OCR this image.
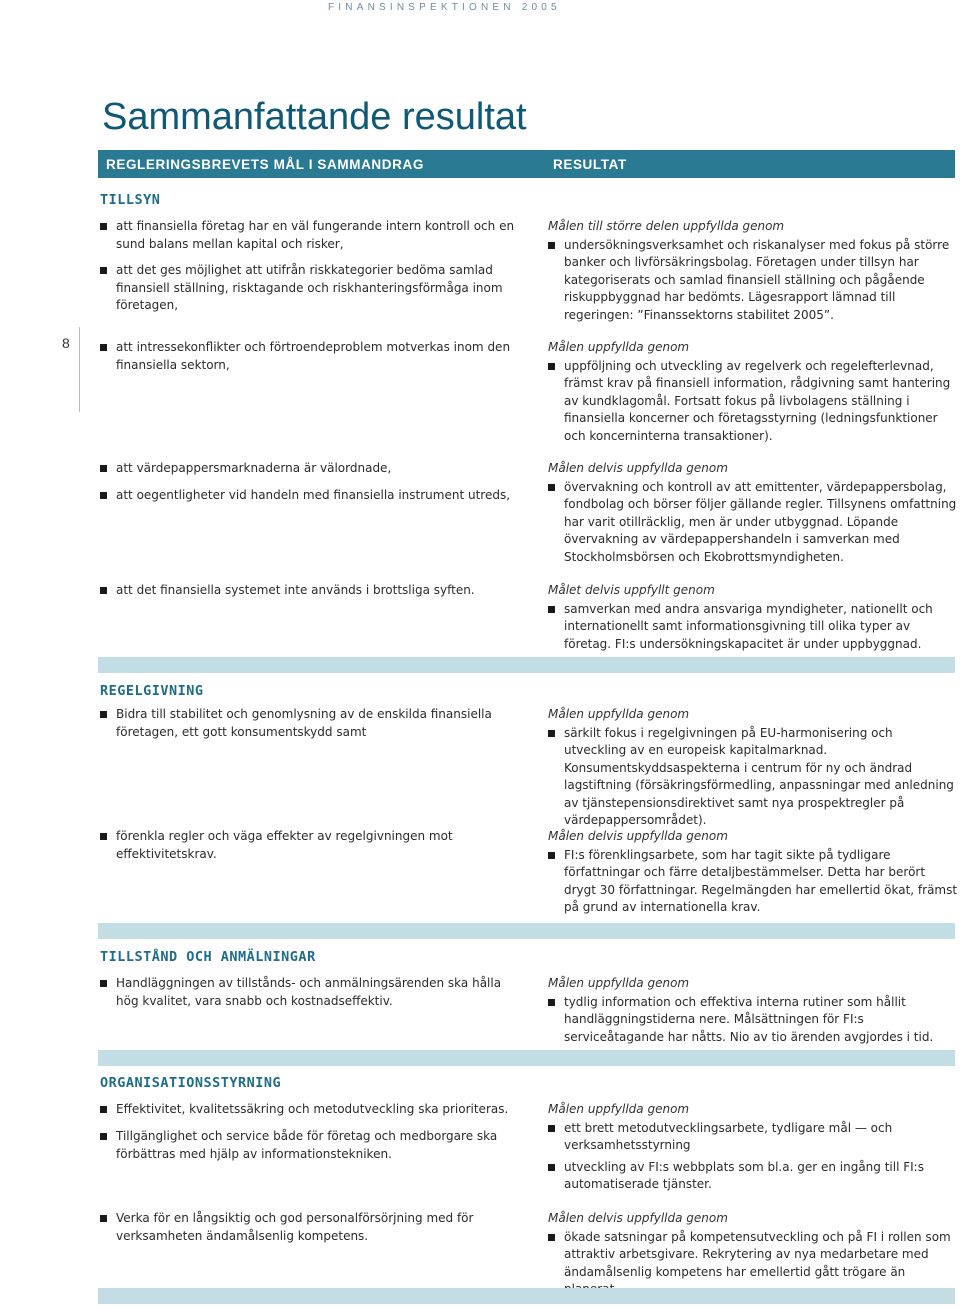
FINANSINSPEKTIONEN 2005
Sammanfattande resultat
8
REGLERINGSBREVETS MÅL I SAMMANDRAG	RESULTAT
TILLSYN
att finansiella företag har en väl fungerande intern kontroll och en sund balans mellan kapital och risker,
att det ges möjlighet att utifrån riskkategorier bedöma samlad finansiell ställning, risktagande och riskhanteringsförmåga inom företagen,
att intressekonflikter och förtroendeproblem motverkas inom den finansiella sektorn,
att värdepappersmarknaderna är välordnade,
att oegentligheter vid handeln med finansiella instrument utreds,
att det finansiella systemet inte används i brottsliga syften.
Målen till större delen uppfyllda genom
undersökningsverksamhet och riskanalyser med fokus på större banker och livförsäkringsbolag. Företagen under tillsyn har kategoriserats och samlad finansiell ställning och pågående riskuppbyggnad har bedömts. Lägesrapport lämnad till regeringen: ”Finanssektorns stabilitet 2005”.
Målen uppfyllda genom
uppföljning och utveckling av regelverk och regelefterlevnad, främst krav på finansiell information, rådgivning samt hantering av kundklagomål. Fortsatt fokus på livbolagens ställning i finansiella koncerner och företagsstyrning (ledningsfunktioner och koncerninterna transaktioner).
Målen delvis uppfyllda genom
övervakning och kontroll av att emittenter, värdepappersbolag, fondbolag och börser följer gällande regler. Tillsynens omfattning har varit otillräcklig, men är under utbyggnad. Löpande övervakning av värdepappershandeln i samverkan med Stockholmsbörsen och Ekobrottsmyndigheten.
Målet delvis uppfyllt genom
samverkan med andra ansvariga myndigheter, nationellt och internationellt samt informationsgivning till olika typer av företag. FI:s undersökningskapacitet är under uppbyggnad.
REGELGIVNING
Bidra till stabilitet och genomlysning av de enskilda finansiella företagen, ett gott konsumentskydd samt
förenkla regler och väga effekter av regelgivningen mot effektivitetskrav.
Målen uppfyllda genom
särkilt fokus i regelgivningen på EU-harmonisering och utveckling av en europeisk kapitalmarknad. Konsumentskyddsaspekterna i centrum för ny och ändrad lagstiftning (försäkringsförmedling, anpassningar med anledning av tjänstepensionsdirektivet samt nya prospektregler på värdepappersområdet).
Målen delvis uppfyllda genom
FI:s förenklingsarbete, som har tagit sikte på tydligare författningar och färre detaljbestämmelser. Detta har berört drygt 30 författningar. Regelmängden har emellertid ökat, främst på grund av internationella krav.
TILLSTÅND OCH ANMÄLNINGAR
Handläggningen av tillstånds- och anmälningsärenden ska hålla hög kvalitet, vara snabb och kostnadseffektiv.
Målen uppfyllda genom
tydlig information och effektiva interna rutiner som hållit handläggningstiderna nere. Målsättningen för FI:s serviceåtagande har nåtts. Nio av tio ärenden avgjordes i tid.
ORGANISATIONSSTYRNING
Effektivitet, kvalitetssäkring och metodutveckling ska prioriteras.
Tillgänglighet och service både för företag och medborgare ska förbättras med hjälp av informationstekniken.
Verka för en långsiktig och god personalförsörjning med för verksamheten ändamålsenlig kompetens.
Målen uppfyllda genom
ett brett metodutvecklingsarbete, tydligare mål — och verksamhetsstyrning
utveckling av FI:s webbplats som bl.a. ger en ingång till FI:s automatiserade tjänster.
Målen delvis uppfyllda genom
ökade satsningar på kompetensutveckling och på FI i rollen som attraktiv arbetsgivare. Rekrytering av nya medarbetare med ändamålsenlig kompetens har emellertid gått trögare än
